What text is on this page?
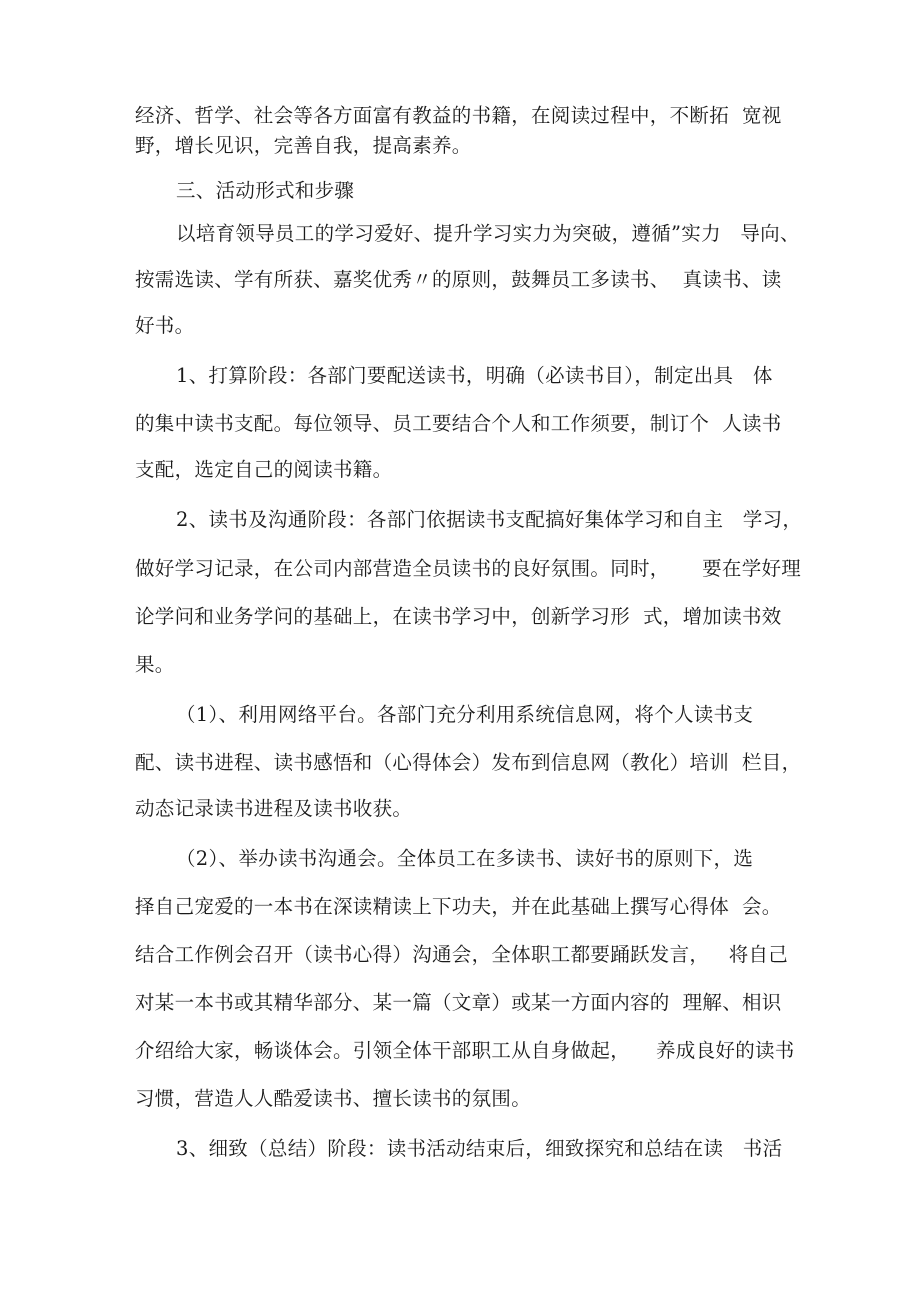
经济、哲学、社会等各方面富有教益的书籍，在阅读过程中，不断拓  宽视
野，增长见识，完善自我，提高素养。
三、活动形式和步骤
以培育领导员工的学习爱好、提升学习实力为突破，遵循”实力   导向、
按需选读、学有所获、嘉奖优秀〃的原则，鼓舞员工多读书、  真读书、读
好书。
1、打算阶段：各部门要配送读书，明确（必读书目），制定出具   体
的集中读书支配。每位领导、员工要结合个人和工作须要，制订个  人读书
支配，选定自己的阅读书籍。
2、读书及沟通阶段：各部门依据读书支配搞好集体学习和自主   学习，
做好学习记录，在公司内部营造全员读书的良好氛围。同时，     要在学好理
论学问和业务学问的基础上，在读书学习中，创新学习形  式，增加读书效
果。
（1）、利用网络平台。各部门充分利用系统信息网，将个人读书支
配、读书进程、读书感悟和（心得体会）发布到信息网（教化）培训  栏目，
动态记录读书进程及读书收获。
（2）、举办读书沟通会。全体员工在多读书、读好书的原则下，选
择自己宠爱的一本书在深读精读上下功夫，并在此基础上撰写心得体  会。
结合工作例会召开（读书心得）沟通会，全体职工都要踊跃发言，   将自己
对某一本书或其精华部分、某一篇（文章）或某一方面内容的  理解、相识
介绍给大家，畅谈体会。引领全体干部职工从自身做起，    养成良好的读书
习惯，营造人人酷爱读书、擅长读书的氛围。
3、细致（总结）阶段：读书活动结束后，细致探究和总结在读   书活
